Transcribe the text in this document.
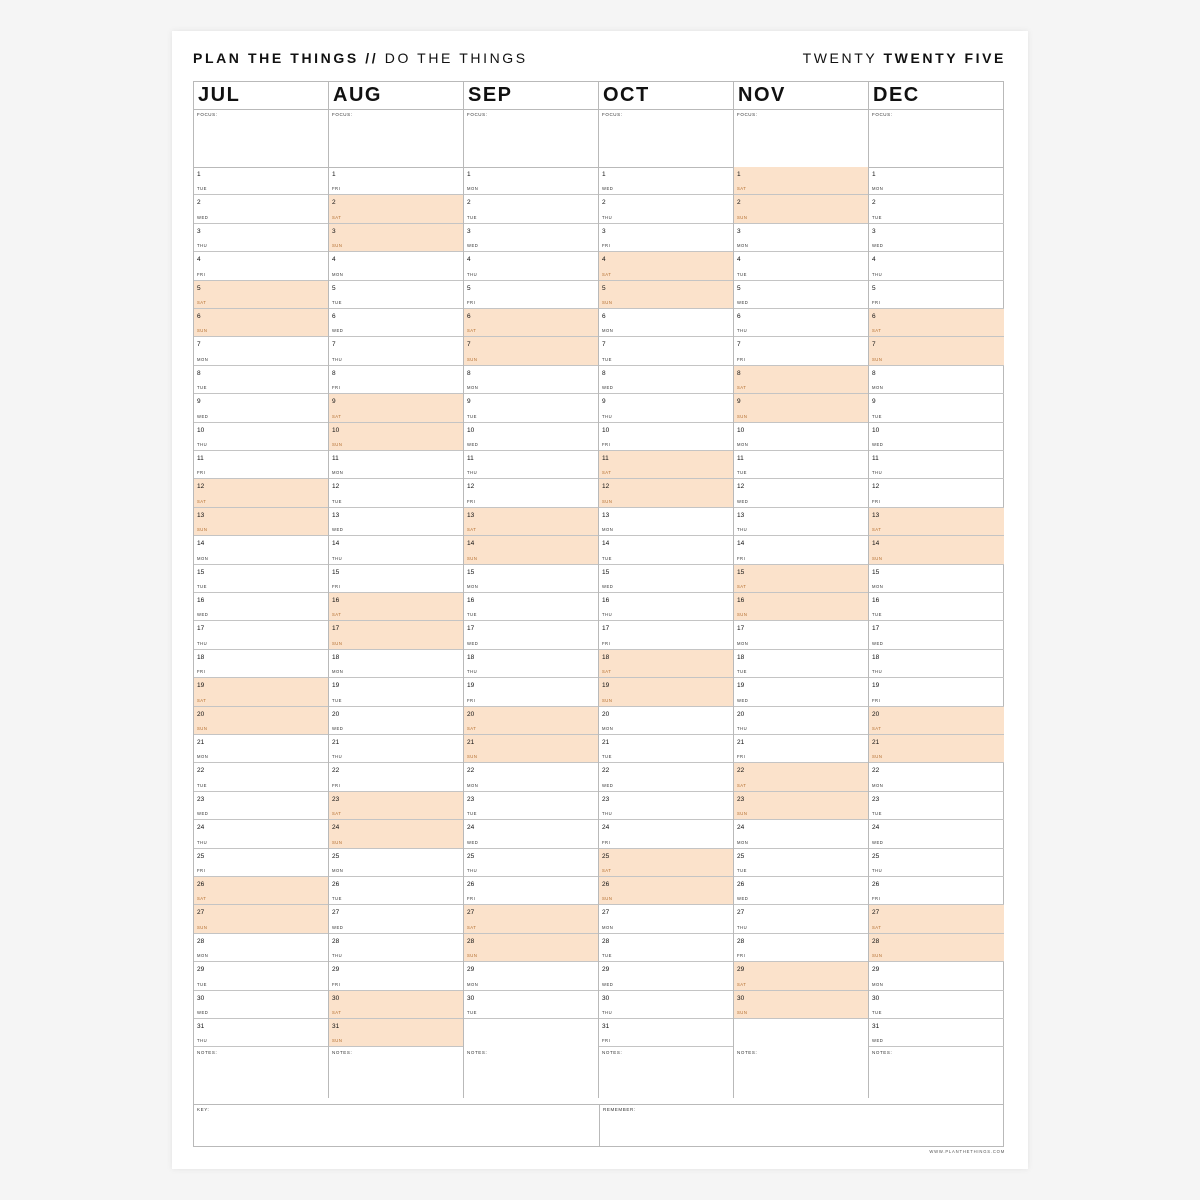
PLAN THE THINGS // DO THE THINGS	TWENTY TWENTY FIVE
KEY:	REMEMBER:
JUL
FOCUS:
1
TUE
2
WED
3
THU
4
FRI
5
SAT
6
SUN
7
MON
8
TUE
9
WED
10
THU
11
FRI
12
SAT
13
SUN
14
MON
15
TUE
16
WED
17
THU
18
FRI
19
SAT
20
SUN
21
MON
22
TUE
23
WED
24
THU
25
FRI
26
SAT
27
SUN
28
MON
29
TUE
30
WED
31
THU
NOTES:
AUG
FOCUS:
1
FRI
2
SAT
3
SUN
4
MON
5
TUE
6
WED
7
THU
8
FRI
9
SAT
10
SUN
11
MON
12
TUE
13
WED
14
THU
15
FRI
16
SAT
17
SUN
18
MON
19
TUE
20
WED
21
THU
22
FRI
23
SAT
24
SUN
25
MON
26
TUE
27
WED
28
THU
29
FRI
30
SAT
31
SUN
NOTES:
SEP
FOCUS:
1
MON
2
TUE
3
WED
4
THU
5
FRI
6
SAT
7
SUN
8
MON
9
TUE
10
WED
11
THU
12
FRI
13
SAT
14
SUN
15
MON
16
TUE
17
WED
18
THU
19
FRI
20
SAT
21
SUN
22
MON
23
TUE
24
WED
25
THU
26
FRI
27
SAT
28
SUN
29
MON
30
TUE
NOTES:
OCT
FOCUS:
1
WED
2
THU
3
FRI
4
SAT
5
SUN
6
MON
7
TUE
8
WED
9
THU
10
FRI
11
SAT
12
SUN
13
MON
14
TUE
15
WED
16
THU
17
FRI
18
SAT
19
SUN
20
MON
21
TUE
22
WED
23
THU
24
FRI
25
SAT
26
SUN
27
MON
28
TUE
29
WED
30
THU
31
FRI
NOTES:
NOV
FOCUS:
1
SAT
2
SUN
3
MON
4
TUE
5
WED
6
THU
7
FRI
8
SAT
9
SUN
10
MON
11
TUE
12
WED
13
THU
14
FRI
15
SAT
16
SUN
17
MON
18
TUE
19
WED
20
THU
21
FRI
22
SAT
23
SUN
24
MON
25
TUE
26
WED
27
THU
28
FRI
29
SAT
30
SUN
NOTES:
DEC
FOCUS:
1
MON
2
TUE
3
WED
4
THU
5
FRI
6
SAT
7
SUN
8
MON
9
TUE
10
WED
11
THU
12
FRI
13
SAT
14
SUN
15
MON
16
TUE
17
WED
18
THU
19
FRI
20
SAT
21
SUN
22
MON
23
TUE
24
WED
25
THU
26
FRI
27
SAT
28
SUN
29
MON
30
TUE
31
WED
NOTES:
WWW.PLANTHETHINGS.COM
